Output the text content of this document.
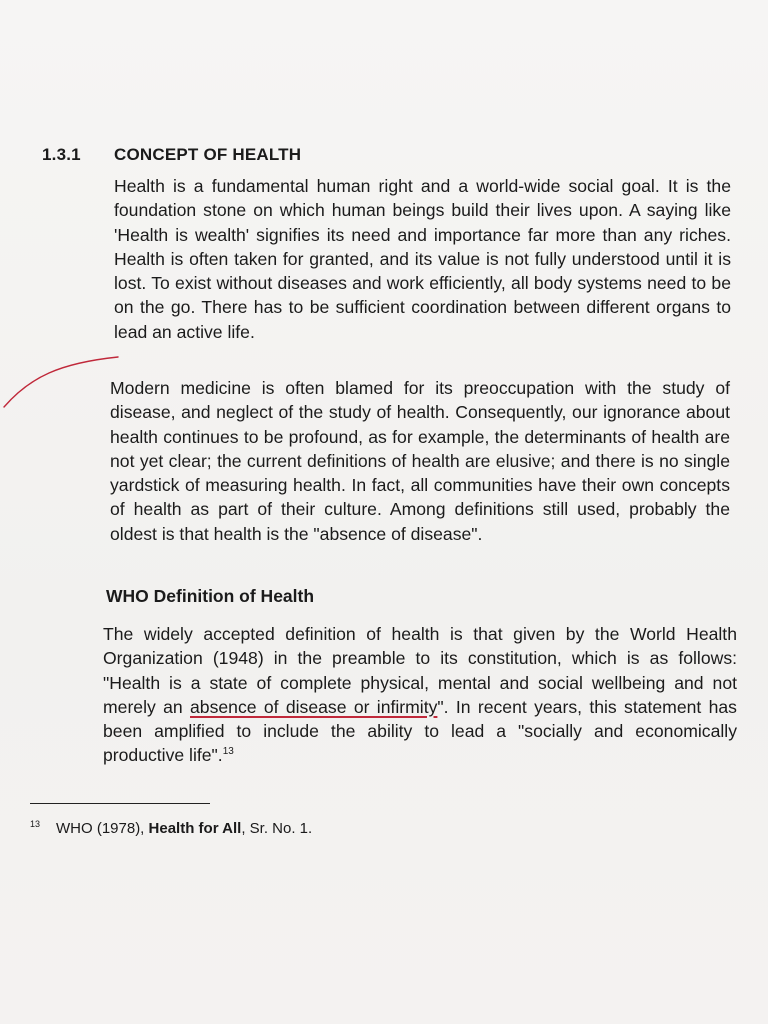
1.3.1 CONCEPT OF HEALTH

Health is a fundamental human right and a world-wide social goal. It is the foundation stone on which human beings build their lives upon. A saying like 'Health is wealth' signifies its need and importance far more than any riches. Health is often taken for granted, and its value is not fully understood until it is lost. To exist without diseases and work efficiently, all body systems need to be on the go. There has to be sufficient coordination between different organs to lead an active life.

Modern medicine is often blamed for its preoccupation with the study of disease, and neglect of the study of health. Consequently, our ignorance about health continues to be profound, as for example, the determinants of health are not yet clear; the current definitions of health are elusive; and there is no single yardstick of measuring health. In fact, all communities have their own concepts of health as part of their culture. Among definitions still used, probably the oldest is that health is the "absence of disease".

WHO Definition of Health

The widely accepted definition of health is that given by the World Health Organization (1948) in the preamble to its constitution, which is as follows: "Health is a state of complete physical, mental and social wellbeing and not merely an absence of disease or infirmity". In recent years, this statement has been amplified to include the ability to lead a "socially and economically productive life".$^{13}$

13 WHO (1978), Health for All, Sr. No. 1.
